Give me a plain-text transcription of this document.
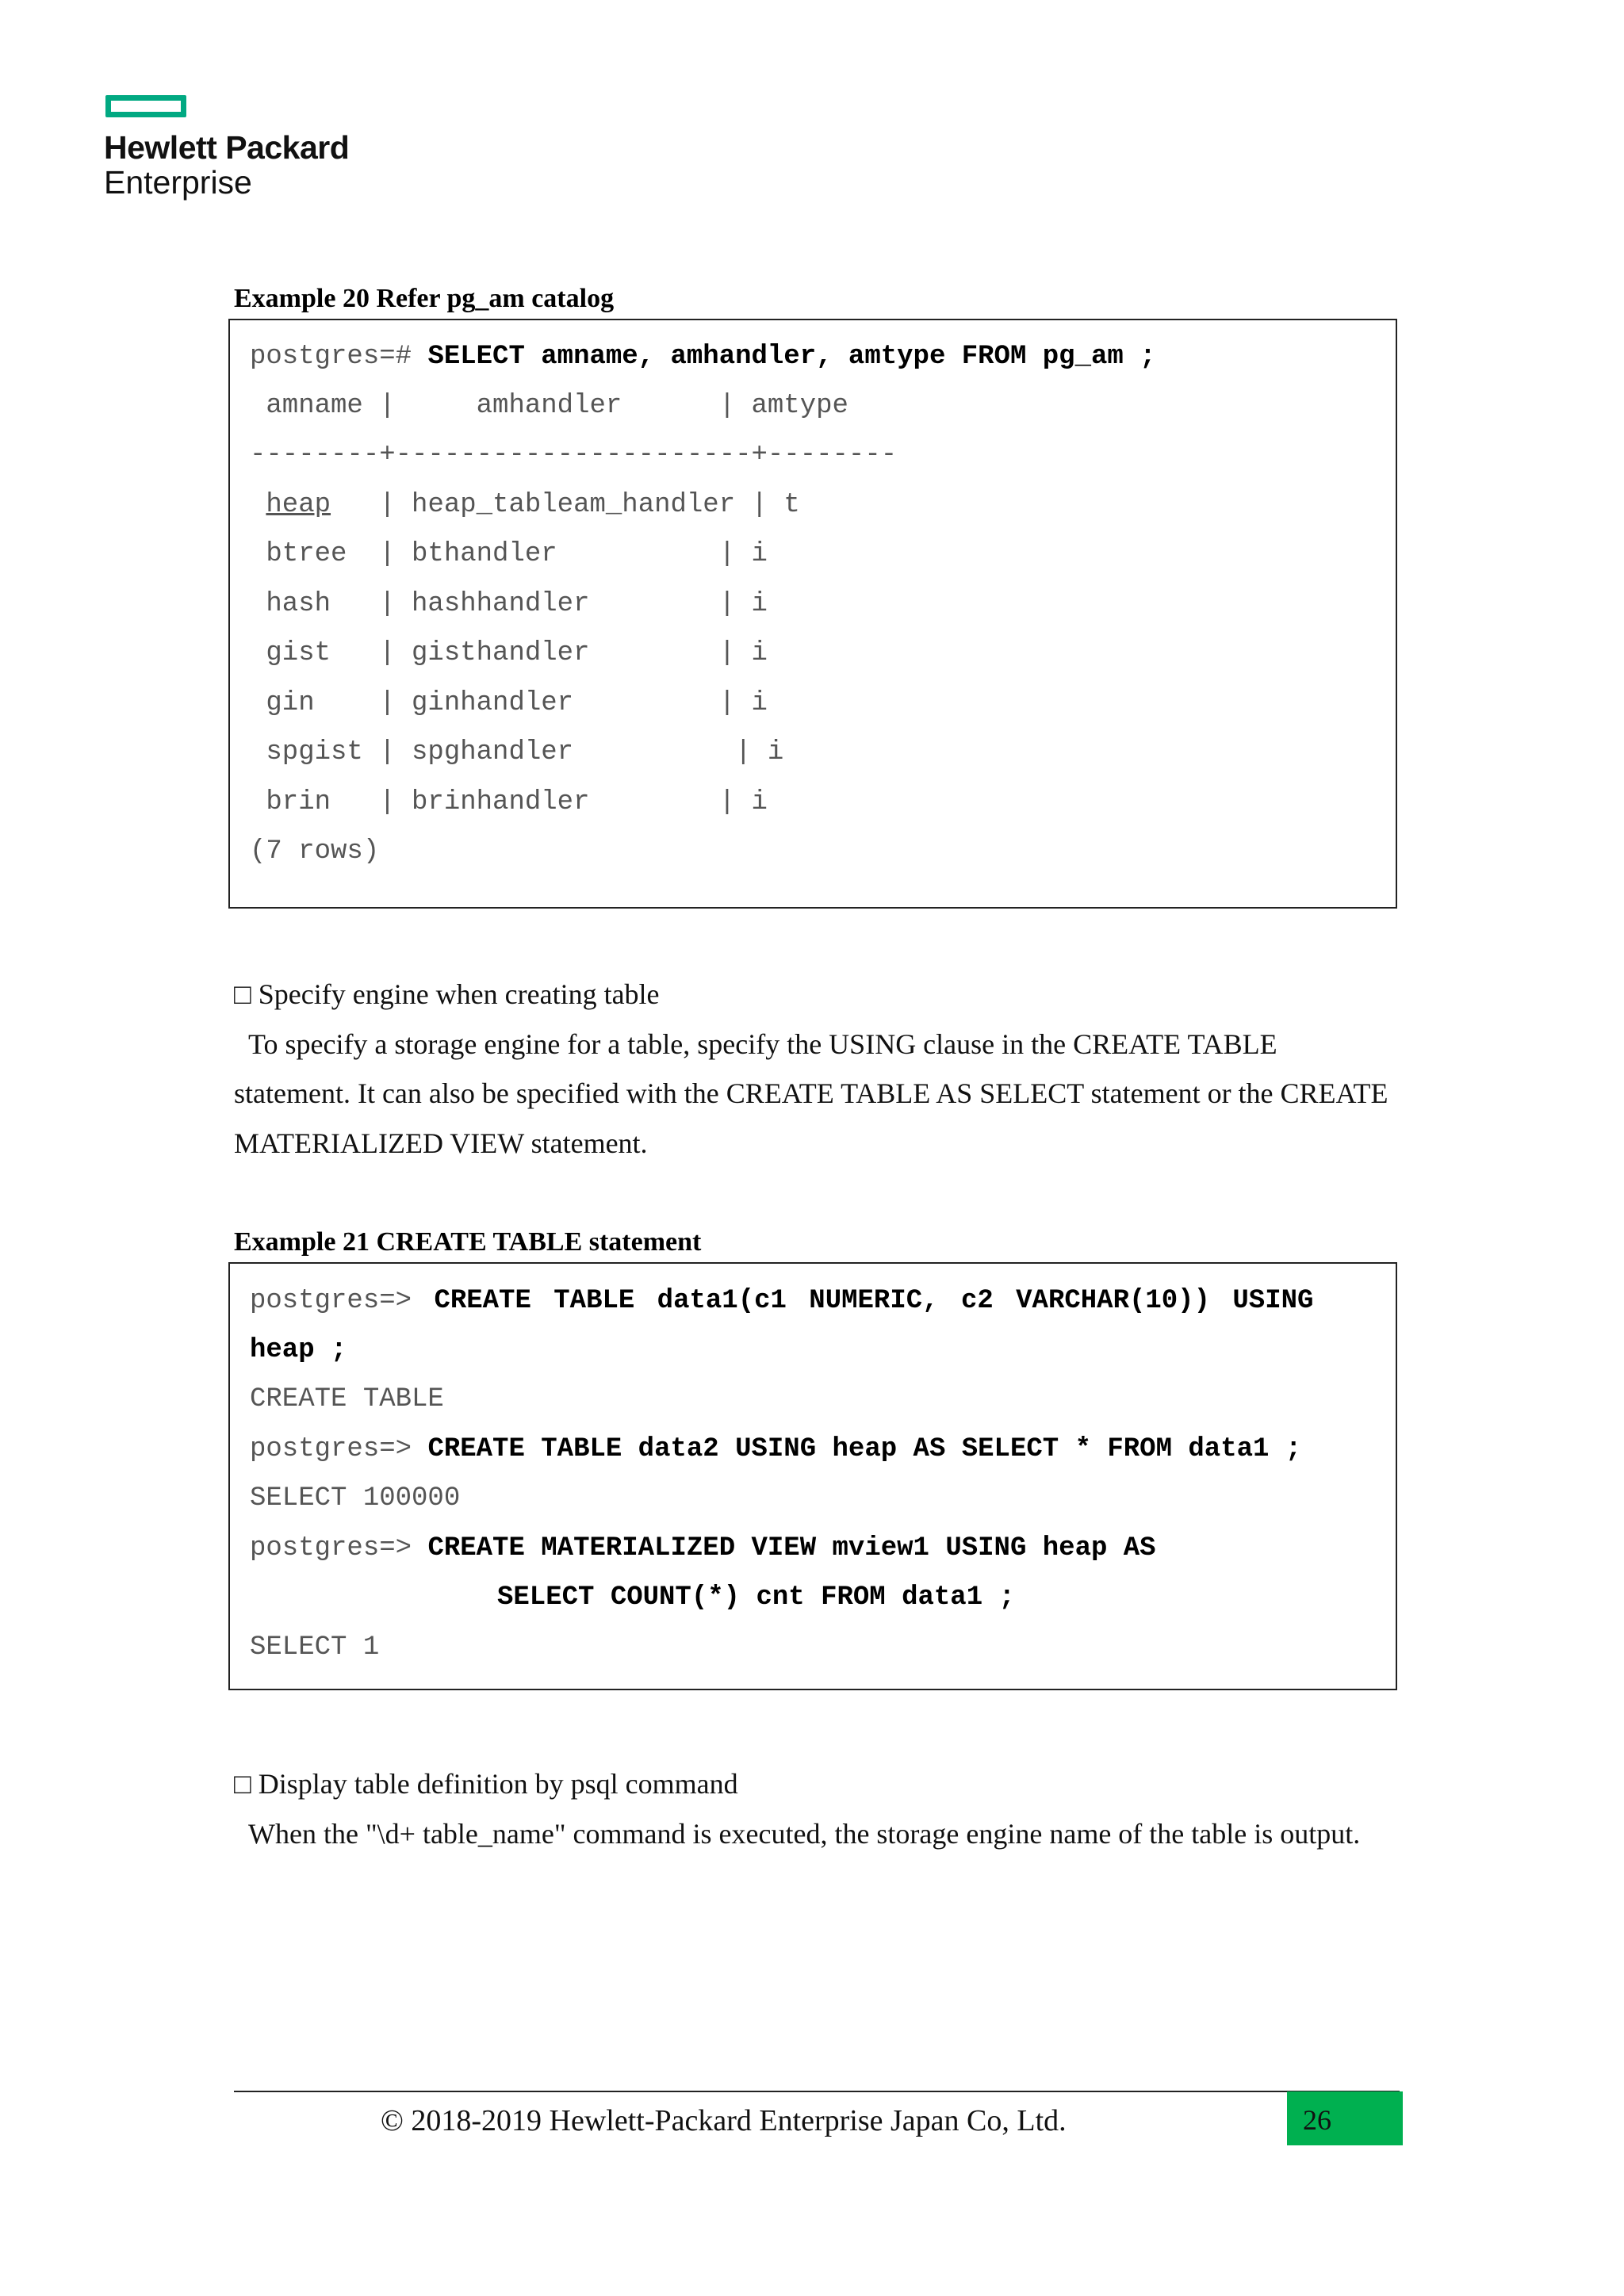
Hewlett Packard
Enterprise
Example 20 Refer pg_am catalog
postgres=# SELECT amname, amhandler, amtype FROM pg_am ;
amname |     amhandler      | amtype
--------+----------------------+--------
heap   | heap_tableam_handler | t
btree  | bthandler          | i
hash   | hashhandler        | i
gist   | gisthandler        | i
gin    | ginhandler         | i
spgist | spghandler          | i
brin   | brinhandler        | i
(7 rows)
□ Specify engine when creating table
To specify a storage engine for a table, specify the USING clause in the CREATE TABLE
statement. It can also be specified with the CREATE TABLE AS SELECT statement or the CREATE
MATERIALIZED VIEW statement.
Example 21 CREATE TABLE statement
postgres=> CREATE TABLE data1(c1 NUMERIC, c2 VARCHAR(10)) USING
heap ;
CREATE TABLE
postgres=> CREATE TABLE data2 USING heap AS SELECT * FROM data1 ;
SELECT 100000
postgres=> CREATE MATERIALIZED VIEW mview1 USING heap AS
SELECT COUNT(*) cnt FROM data1 ;
SELECT 1
□ Display table definition by psql command
When the "\d+ table_name" command is executed, the storage engine name of the table is output.
© 2018-2019 Hewlett-Packard Enterprise Japan Co, Ltd.	26
